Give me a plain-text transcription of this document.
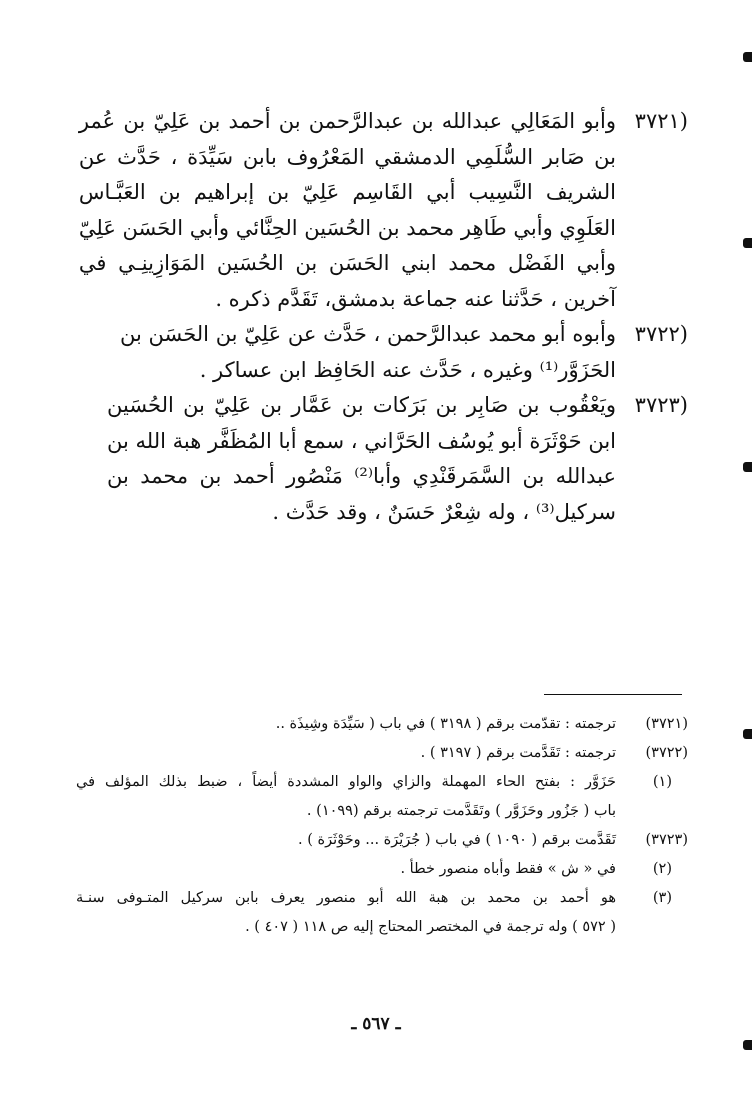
(٣٧٢١
وأبو المَعَالِي عبدالله بن عبدالرَّحمن بن أحمد بن عَلِيّ بن عُمر
بن صَابر السُّلَمِي الدمشقي المَعْرُوف بابن سَيِّدَة ، حَدَّث عن
الشريف النَّسِيب أبي القَاسِم عَلِيّ بن إبراهيم بن العَبَّـاس
العَلَوِي وأبي طَاهِر محمد بن الحُسَين الحِنَّائي وأبي الحَسَن عَلِيّ
وأبي الفَضْل محمد ابني الحَسَن بن الحُسَين المَوَازِينِـي في
آخرين ، حَدَّثنا عنه جماعة بدمشق، تَقَدَّم ذكره .
(٣٧٢٢
وأبوه أبو محمد عبدالرَّحمن ، حَدَّث عن عَلِيّ بن الحَسَن بن
الحَزَوَّر⁽¹⁾ وغيره ، حَدَّث عنه الحَافِظ ابن عساكر .
(٣٧٢٣
ويَعْقُوب بن صَابِر بن بَرَكات بن عَمَّار بن عَلِيّ بن الحُسَين
ابن حَوْثَرَة أبو يُوسُف الحَرَّاني ، سمع أبا المُظَفَّر هبة الله بن
عبدالله بن السَّمَرقَنْدِي وأبا⁽²⁾ مَنْصُور أحمد بن محمد بن
سركيل⁽³⁾ ، وله شِعْرٌ حَسَنٌ ، وقد حَدَّث .
(٣٧٢١)
ترجمته : تقدّمت برقم ( ٣١٩٨ ) في باب ( سَيِّدَة وشِيذَة ..
(٣٧٢٢)
ترجمته : تَقَدَّمت برقم ( ٣١٩٧ ) .
(١)
حَزَوَّر : بفتح الحاء المهملة والزاي والواو المشددة أيضاً ، ضبط بذلك المؤلف في
باب ( جَزُور وحَزَوَّر ) وتَقَدَّمت ترجمته برقم (١٠٩٩) .
(٣٧٢٣)
تَقَدَّمت برقم ( ١٠٩٠ ) في باب ( جُرَيْرَة ... وحَوْثَرَة ) .
(٢)
في « ش » فقط وأباه منصور خطأ .
(٣)
هو أحمد بن محمد بن هبة الله أبو منصور يعرف بابن سركيل المتـوفى سنـة
( ٥٧٢ ) وله ترجمة في المختصر المحتاج إليه ص ١١٨ ( ٤٠٧ ) .
ـ ٥٦٧ ـ
